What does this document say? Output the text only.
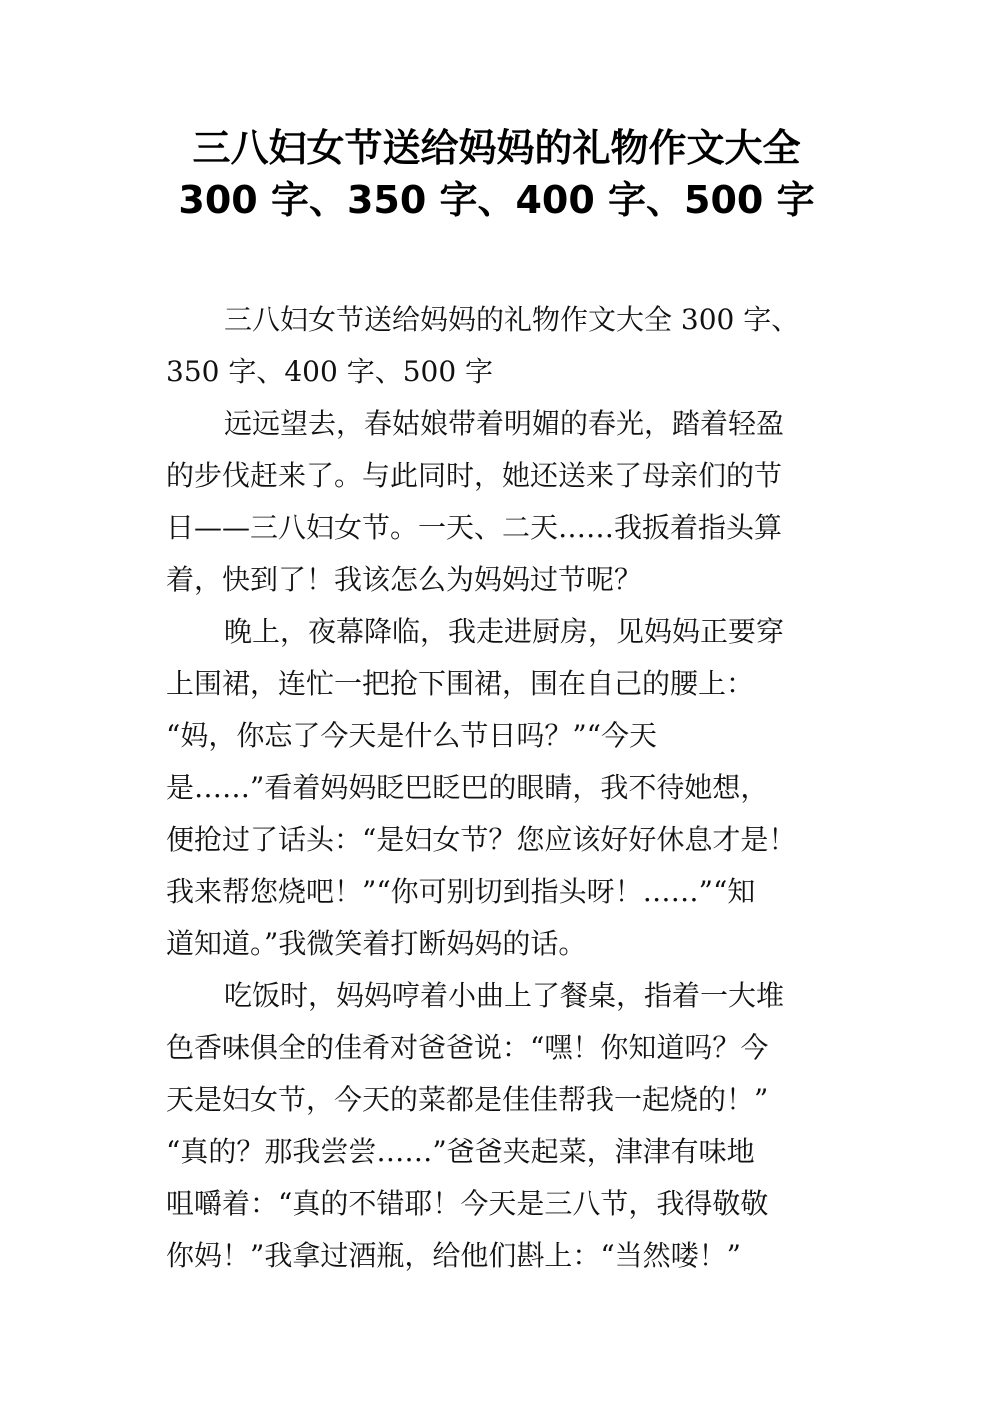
三八妇女节送给妈妈的礼物作文大全
300 字、350 字、400 字、500 字
三八妇女节送给妈妈的礼物作文大全 300 字、
350 字、400 字、500 字
远远望去，春姑娘带着明媚的春光，踏着轻盈
的步伐赶来了。与此同时，她还送来了母亲们的节
日——三八妇女节。一天、二天……我扳着指头算
着，快到了！我该怎么为妈妈过节呢？
晚上，夜幕降临，我走进厨房，见妈妈正要穿
上围裙，连忙一把抢下围裙，围在自己的腰上：
“妈，你忘了今天是什么节日吗？”“今天
是……”看着妈妈眨巴眨巴的眼睛，我不待她想，
便抢过了话头：“是妇女节？您应该好好休息才是！
我来帮您烧吧！”“你可别切到指头呀！……”“知
道知道。”我微笑着打断妈妈的话。
吃饭时，妈妈哼着小曲上了餐桌，指着一大堆
色香味俱全的佳肴对爸爸说：“嘿！你知道吗？今
天是妇女节，今天的菜都是佳佳帮我一起烧的！”
“真的？那我尝尝……”爸爸夹起菜，津津有味地
咀嚼着：“真的不错耶！今天是三八节，我得敬敬
你妈！”我拿过酒瓶，给他们斟上：“当然喽！”
